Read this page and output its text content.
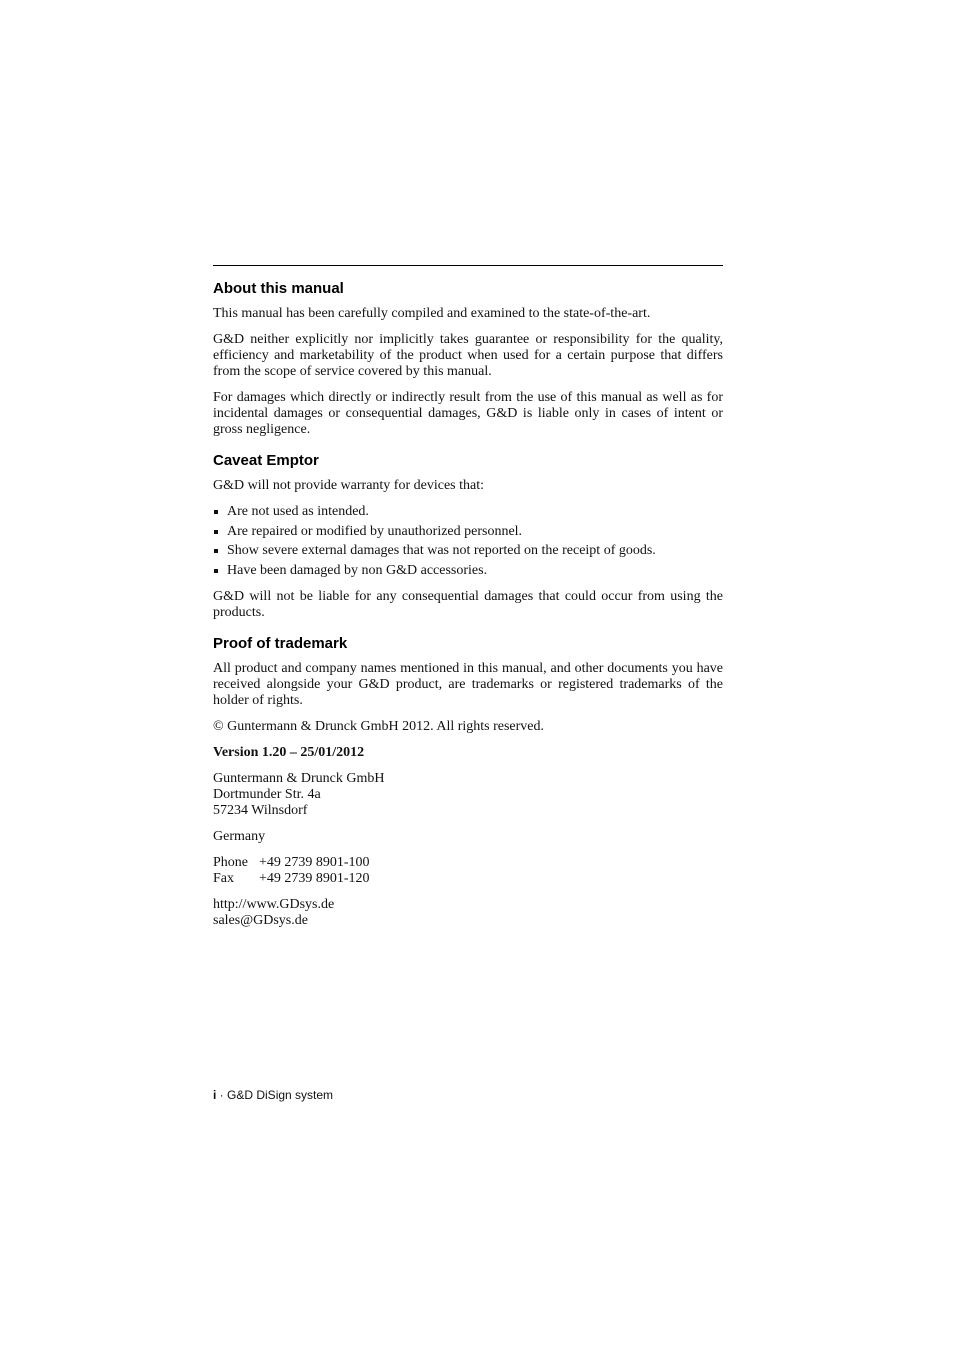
About this manual

This manual has been carefully compiled and examined to the state-of-the-art.

G&D neither explicitly nor implicitly takes guarantee or responsibility for the quality, efficiency and marketability of the product when used for a certain purpose that differs from the scope of service covered by this manual.

For damages which directly or indirectly result from the use of this manual as well as for incidental damages or consequential damages, G&D is liable only in cases of intent or gross negligence.

Caveat Emptor

G&D will not provide warranty for devices that:

Are not used as intended.
Are repaired or modified by unauthorized personnel.
Show severe external damages that was not reported on the receipt of goods.
Have been damaged by non G&D accessories.

G&D will not be liable for any consequential damages that could occur from using the products.

Proof of trademark

All product and company names mentioned in this manual, and other documents you have received alongside your G&D product, are trademarks or registered trademarks of the holder of rights.

© Guntermann & Drunck GmbH 2012. All rights reserved.

Version 1.20 – 25/01/2012

Guntermann & Drunck GmbH
Dortmunder Str. 4a
57234 Wilnsdorf

Germany

Phone +49 2739 8901-100
Fax +49 2739 8901-120

http://www.GDsys.de
sales@GDsys.de

i · G&D DiSign system
